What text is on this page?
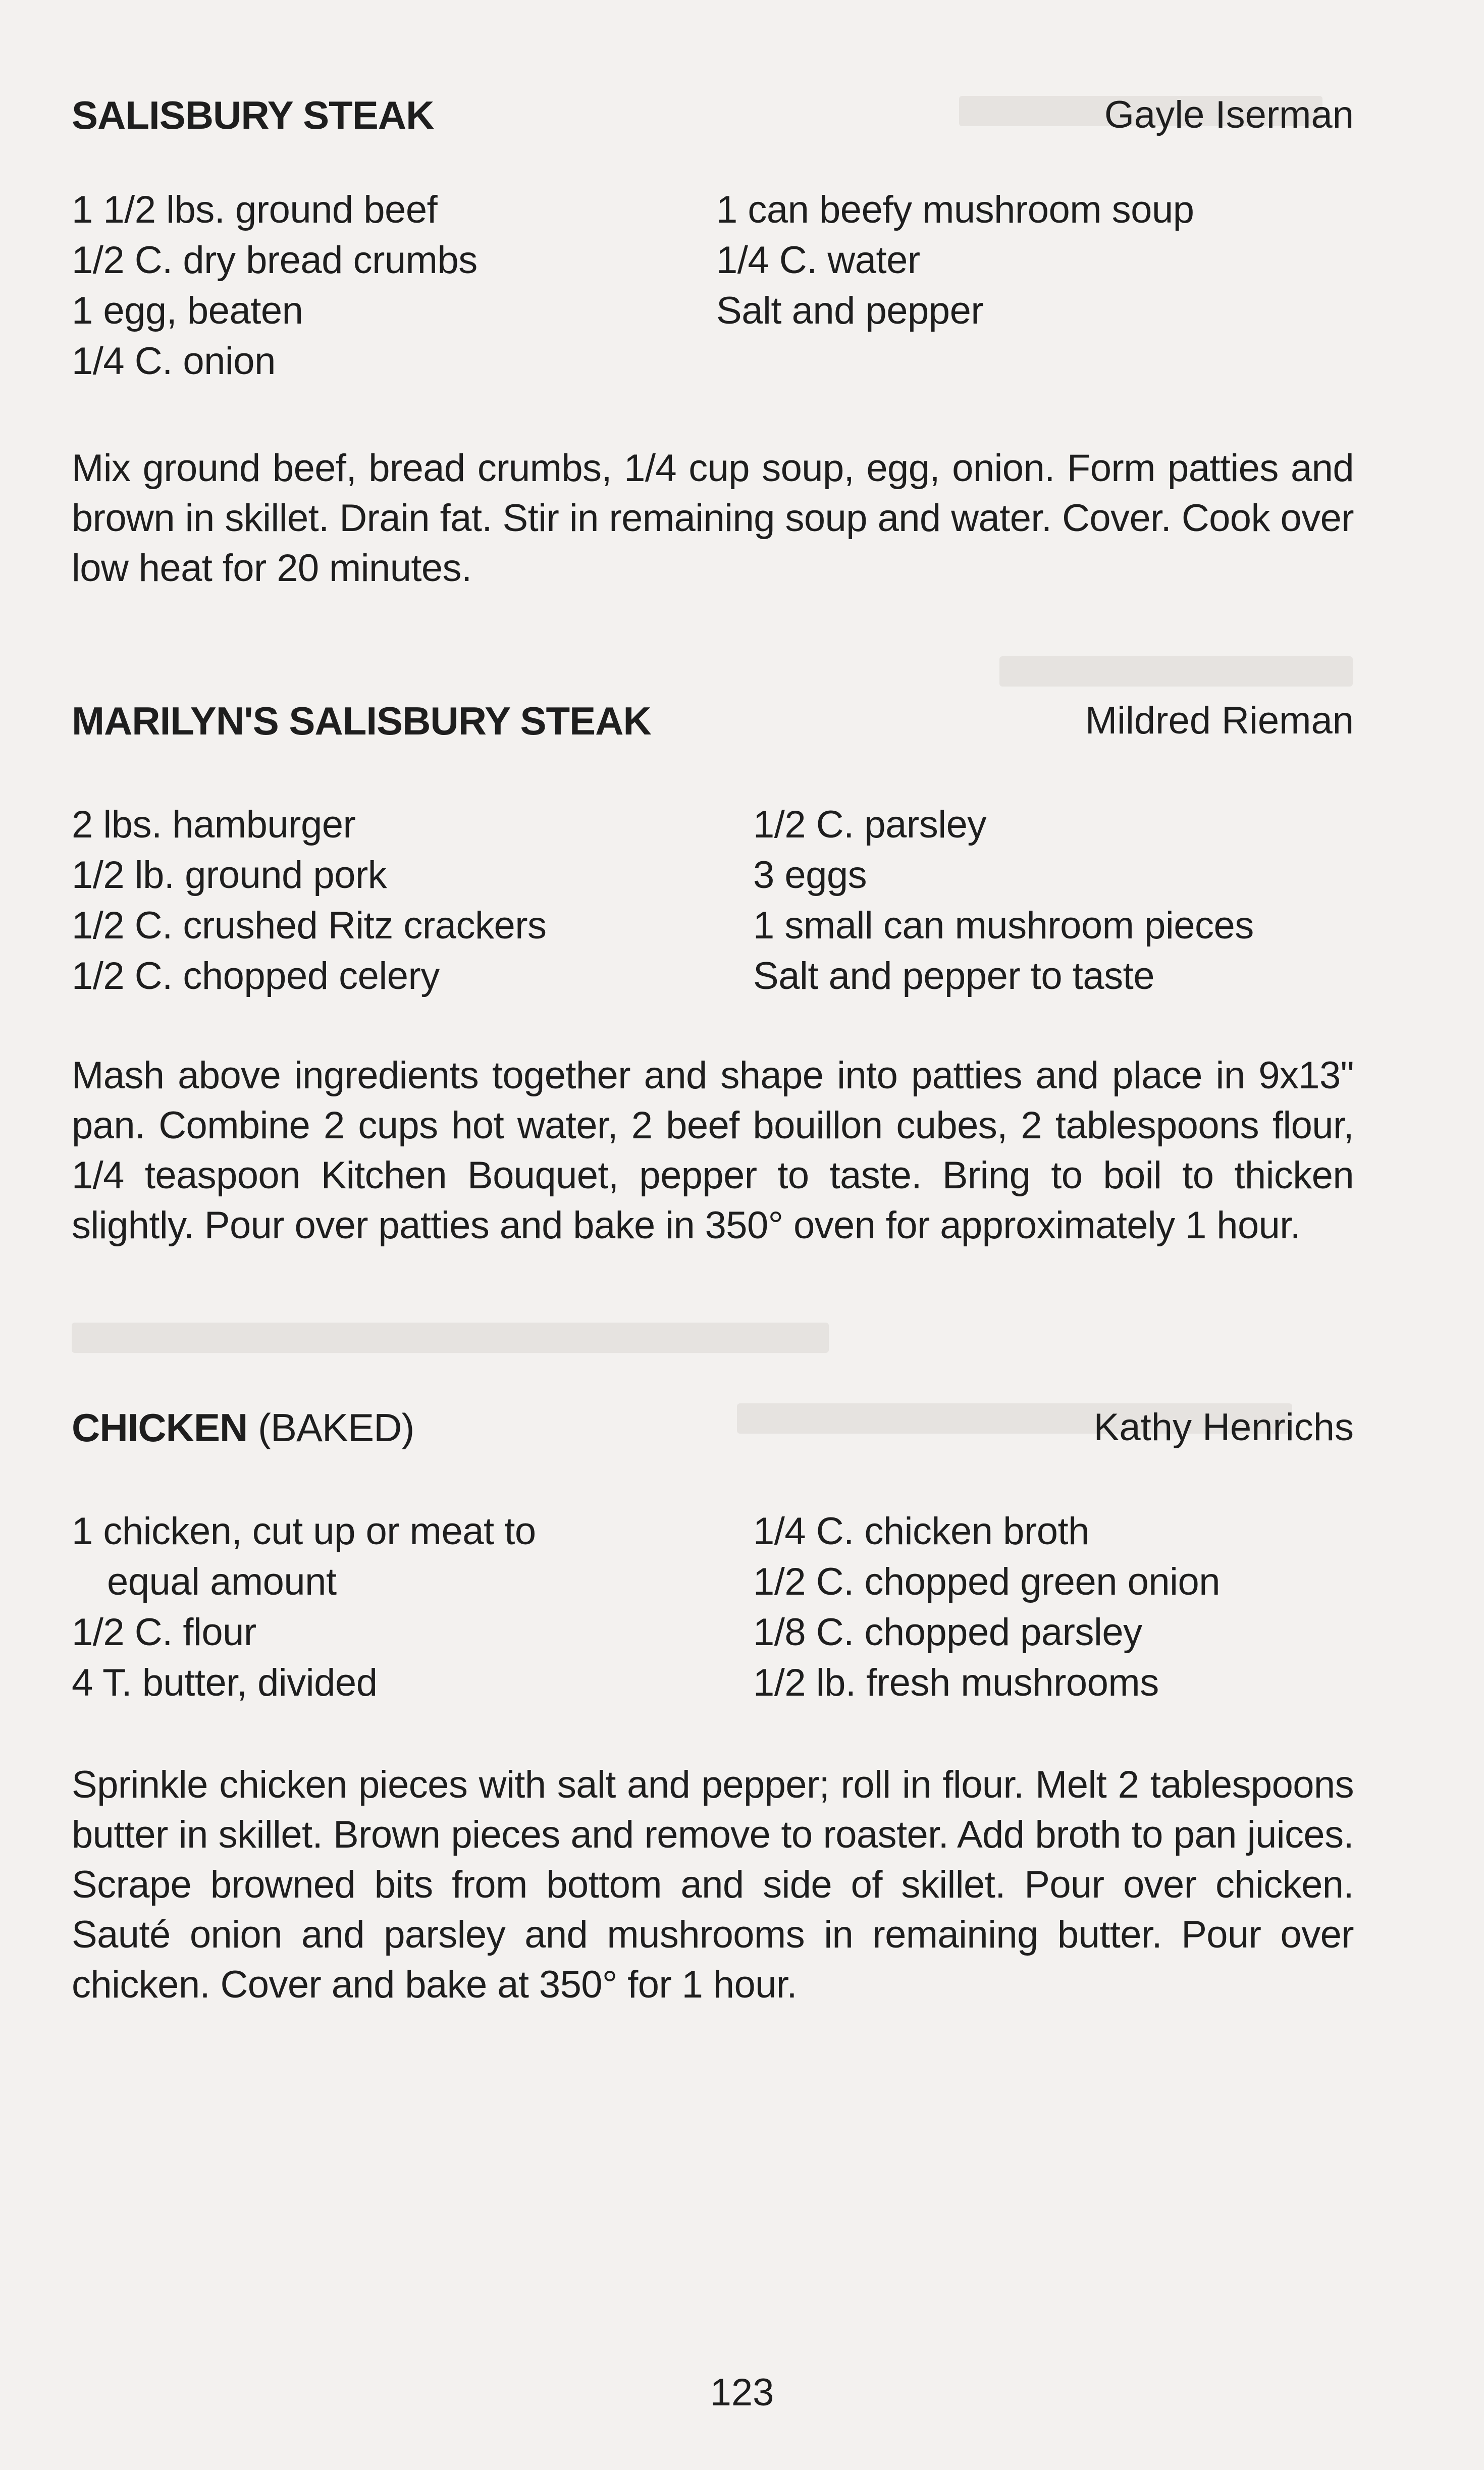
SALISBURY STEAK	Gayle Iserman
1 1/2 lbs. ground beef
1/2 C. dry bread crumbs
1 egg, beaten
1/4 C. onion
1 can beefy mushroom soup
1/4 C. water
Salt and pepper

Mix ground beef, bread crumbs, 1/4 cup soup, egg, onion. Form patties and brown in skillet. Drain fat. Stir in remaining soup and water. Cover. Cook over low heat for 20 minutes.

MARILYN'S SALISBURY STEAK	Mildred Rieman
2 lbs. hamburger
1/2 lb. ground pork
1/2 C. crushed Ritz crackers
1/2 C. chopped celery
1/2 C. parsley
3 eggs
1 small can mushroom pieces
Salt and pepper to taste

Mash above ingredients together and shape into patties and place in 9x13" pan. Combine 2 cups hot water, 2 beef bouillon cubes, 2 tablespoons flour, 1/4 teaspoon Kitchen Bouquet, pepper to taste. Bring to boil to thicken slightly. Pour over patties and bake in 350° oven for approximately 1 hour.

CHICKEN (BAKED)	Kathy Henrichs
1 chicken, cut up or meat to
equal amount
1/2 C. flour
4 T. butter, divided
1/4 C. chicken broth
1/2 C. chopped green onion
1/8 C. chopped parsley
1/2 lb. fresh mushrooms

Sprinkle chicken pieces with salt and pepper; roll in flour. Melt 2 tablespoons butter in skillet. Brown pieces and remove to roaster. Add broth to pan juices. Scrape browned bits from bottom and side of skillet. Pour over chicken. Sauté onion and parsley and mushrooms in remaining butter. Pour over chicken. Cover and bake at 350° for 1 hour.

123
